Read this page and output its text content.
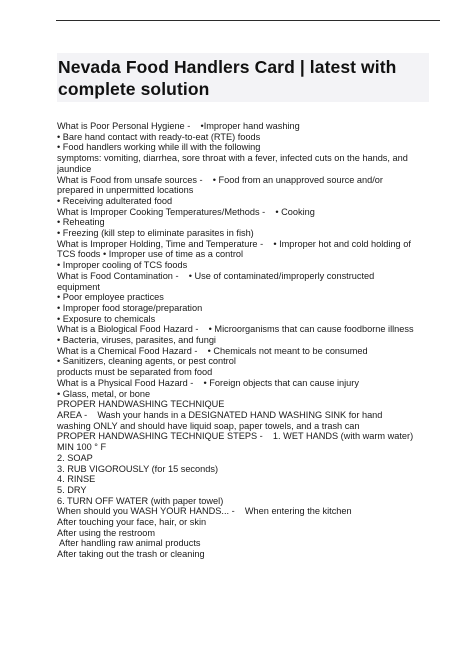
Nevada Food Handlers Card | latest with complete solution
What is Poor Personal Hygiene -    •Improper hand washing
• Bare hand contact with ready-to-eat (RTE) foods
• Food handlers working while ill with the following
symptoms: vomiting, diarrhea, sore throat with a fever, infected cuts on the hands, and
jaundice
What is Food from unsafe sources -    • Food from an unapproved source and/or
prepared in unpermitted locations
• Receiving adulterated food
What is Improper Cooking Temperatures/Methods -    • Cooking
• Reheating
• Freezing (kill step to eliminate parasites in fish)
What is Improper Holding, Time and Temperature -    • Improper hot and cold holding of
TCS foods • Improper use of time as a control
• Improper cooling of TCS foods
What is Food Contamination -    • Use of contaminated/improperly constructed
equipment
• Poor employee practices
• Improper food storage/preparation
• Exposure to chemicals
What is a Biological Food Hazard -    • Microorganisms that can cause foodborne illness
• Bacteria, viruses, parasites, and fungi
What is a Chemical Food Hazard -    • Chemicals not meant to be consumed
• Sanitizers, cleaning agents, or pest control
products must be separated from food
What is a Physical Food Hazard -    • Foreign objects that can cause injury
• Glass, metal, or bone
PROPER HANDWASHING TECHNIQUE
AREA -    Wash your hands in a DESIGNATED HAND WASHING SINK for hand
washing ONLY and should have liquid soap, paper towels, and a trash can
PROPER HANDWASHING TECHNIQUE STEPS -    1. WET HANDS (with warm water)
MIN 100 ° F
2. SOAP
3. RUB VIGOROUSLY (for 15 seconds)
4. RINSE
5. DRY
6. TURN OFF WATER (with paper towel)
When should you WASH YOUR HANDS... -    When entering the kitchen
After touching your face, hair, or skin
After using the restroom
After handling raw animal products
After taking out the trash or cleaning
